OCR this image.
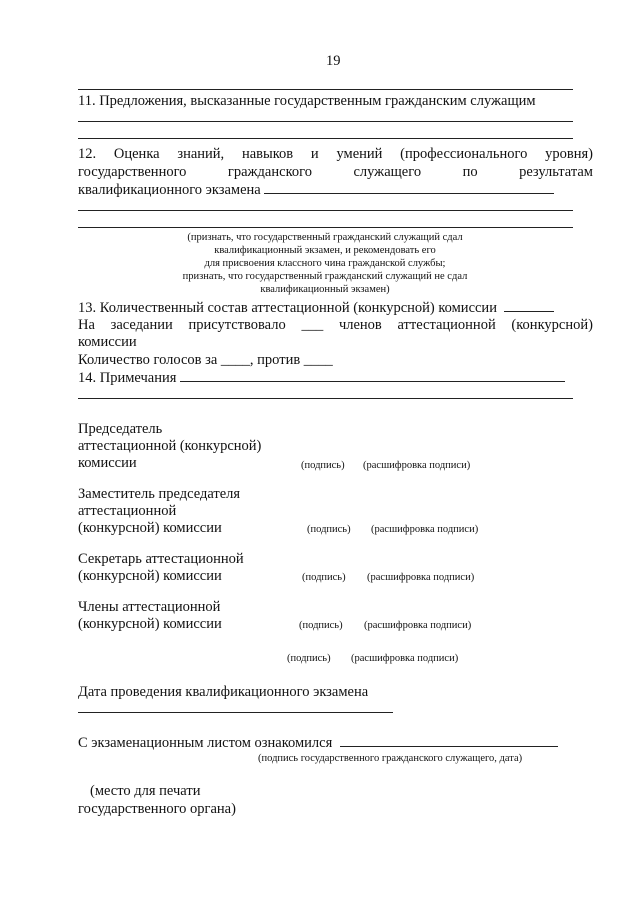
19
11. Предложения, высказанные государственным гражданским служащим
12. Оценка знаний, навыков и умений (профессионального уровня)
государственного	гражданского	служащего	по	результатам
квалификационного экзамена
(признать, что государственный гражданский служащий сдал
квалификационный экзамен, и рекомендовать его
для присвоения классного чина гражданской службы;
признать, что государственный гражданский служащий не сдал
квалификационный экзамен)
13. Количественный состав аттестационной (конкурсной) комиссии
На заседании присутствовало ___ членов аттестационной (конкурсной)
комиссии
Количество голосов за ____, против ____
14. Примечания
Председатель
аттестационной (конкурсной)
комиссии	(подпись) (расшифровка подписи)
Заместитель председателя
аттестационной
(конкурсной) комиссии	(подпись) (расшифровка подписи)
Секретарь аттестационной
(конкурсной) комиссии	(подпись) (расшифровка подписи)
Члены аттестационной
(конкурсной) комиссии	(подпись) (расшифровка подписи)
(подпись) (расшифровка подписи)
Дата проведения квалификационного экзамена
С экзаменационным листом ознакомился
(подпись государственного гражданского служащего, дата)
(место для печати
государственного органа)
